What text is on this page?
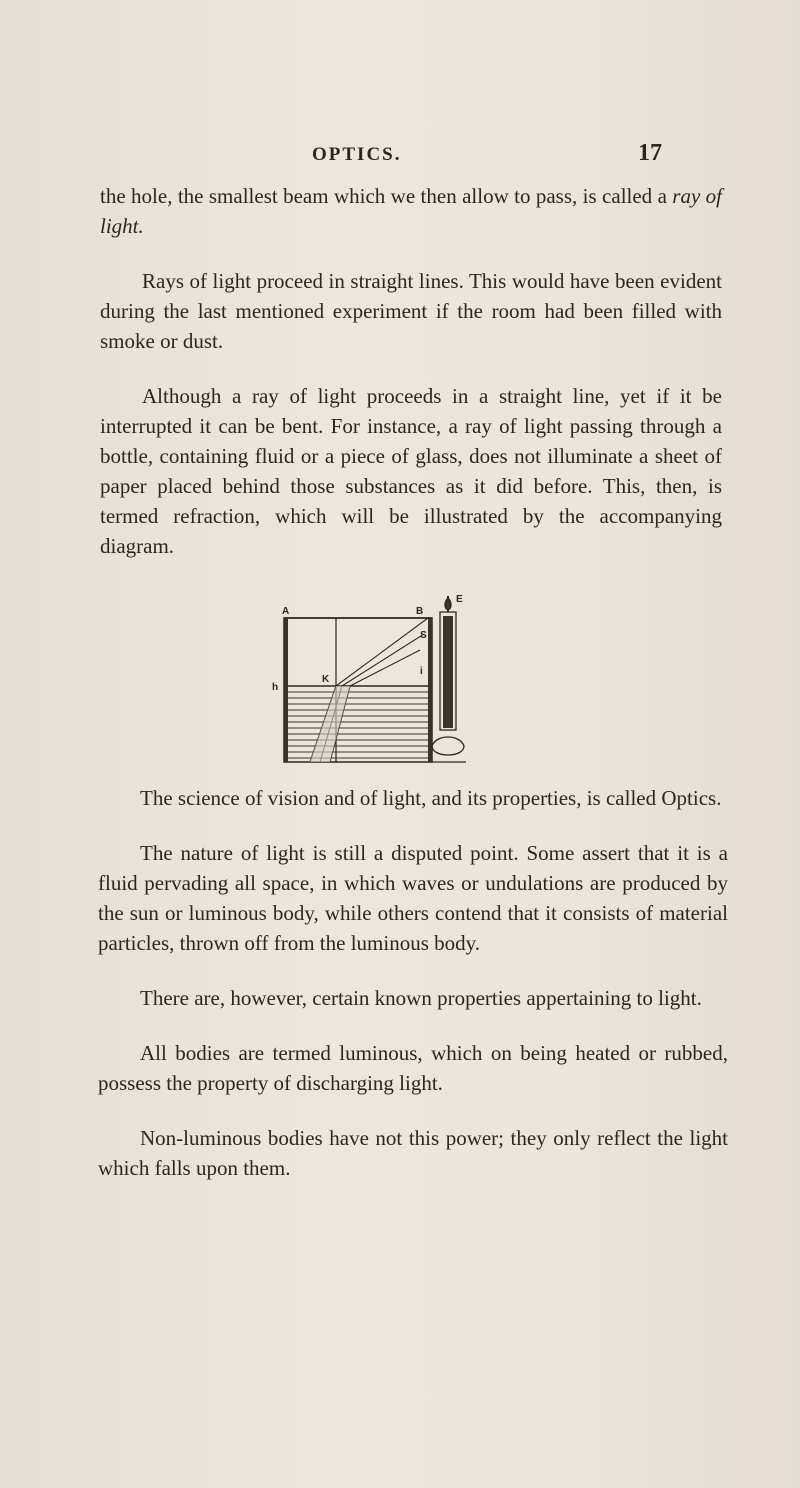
OPTICS.	17

the hole, the smallest beam which we then allow to pass, is called a ray of light.

Rays of light proceed in straight lines. This would have been evident during the last mentioned experiment if the room had been filled with smoke or dust.

Although a ray of light proceeds in a straight line, yet if it be interrupted it can be bent. For instance, a ray of light passing through a bottle, containing fluid or a piece of glass, does not illuminate a sheet of paper placed behind those substances as it did before. This, then, is termed refraction, which will be illustrated by the accompanying diagram.

A	B
E
h
K
S
i

The science of vision and of light, and its properties, is called Optics.

The nature of light is still a disputed point. Some assert that it is a fluid pervading all space, in which waves or undulations are produced by the sun or luminous body, while others contend that it consists of material particles, thrown off from the luminous body.

There are, however, certain known properties appertaining to light.

All bodies are termed luminous, which on being heated or rubbed, possess the property of discharging light.

Non-luminous bodies have not this power; they only reflect the light which falls upon them.
